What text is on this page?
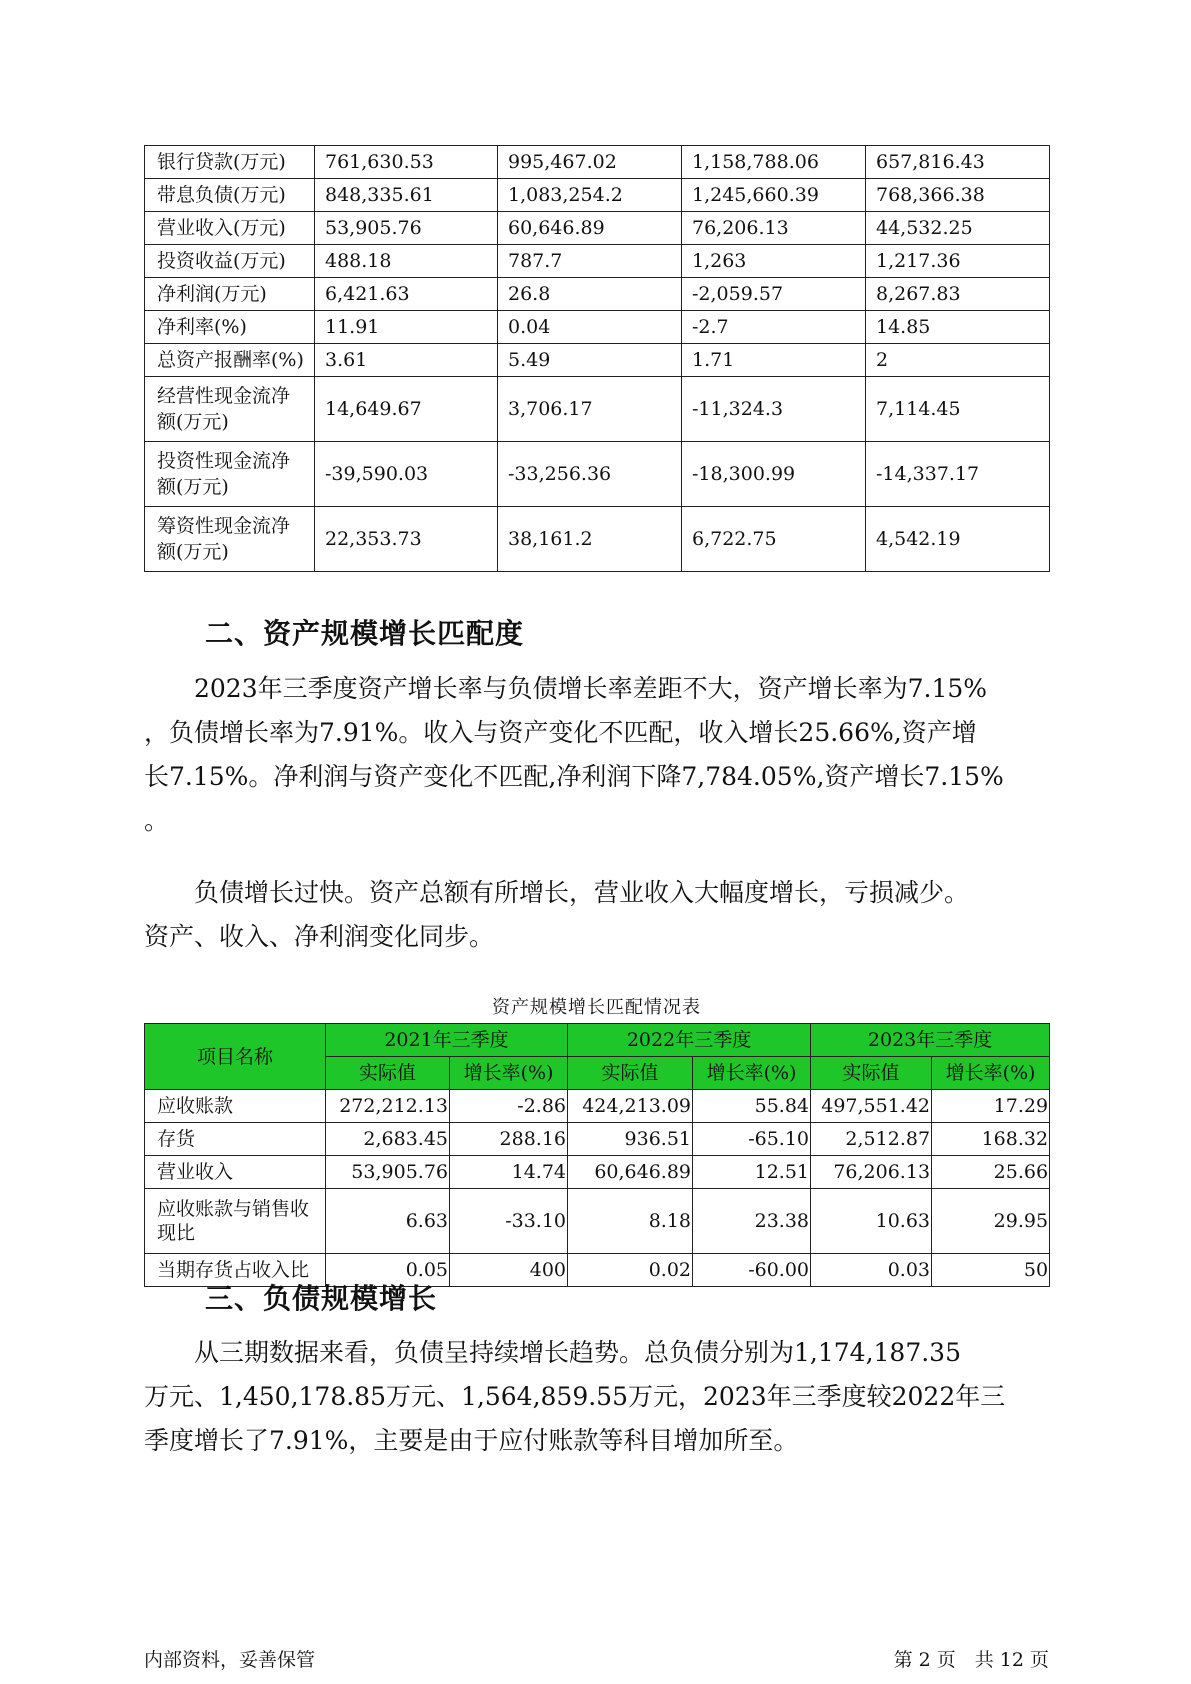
银行贷款(万元)	761,630.53	995,467.02	1,158,788.06	657,816.43
带息负债(万元)	848,335.61	1,083,254.2	1,245,660.39	768,366.38
营业收入(万元)	53,905.76	60,646.89	76,206.13	44,532.25
投资收益(万元)	488.18	787.7	1,263	1,217.36
净利润(万元)	6,421.63	26.8	-2,059.57	8,267.83
净利率(%)	11.91	0.04	-2.7	14.85
总资产报酬率(%)	3.61	5.49	1.71	2
经营性现金流净额(万元)	14,649.67	3,706.17	-11,324.3	7,114.45
投资性现金流净额(万元)	-39,590.03	-33,256.36	-18,300.99	-14,337.17
筹资性现金流净额(万元)	22,353.73	38,161.2	6,722.75	4,542.19
二、资产规模增长匹配度
　　2023年三季度资产增长率与负债增长率差距不大，资产增长率为7.15%
，负债增长率为7.91%。收入与资产变化不匹配，收入增长25.66%,资产增
长7.15%。净利润与资产变化不匹配,净利润下降7,784.05%,资产增长7.15%
。
　　负债增长过快。资产总额有所增长，营业收入大幅度增长，亏损减少。
资产、收入、净利润变化同步。
资产规模增长匹配情况表
项目名称	2021年三季度		2022年三季度		2023年三季度	
	实际值	增长率(%)	实际值	增长率(%)	实际值	增长率(%)
应收账款	272,212.13	-2.86	424,213.09	55.84	497,551.42	17.29
存货	2,683.45	288.16	936.51	-65.10	2,512.87	168.32
营业收入	53,905.76	14.74	60,646.89	12.51	76,206.13	25.66
应收账款与销售收现比	6.63	-33.10	8.18	23.38	10.63	29.95
当期存货占收入比	0.05	400	0.02	-60.00	0.03	50
三、负债规模增长
　　从三期数据来看，负债呈持续增长趋势。总负债分别为1,174,187.35
万元、1,450,178.85万元、1,564,859.55万元，2023年三季度较2022年三
季度增长了7.91%，主要是由于应付账款等科目增加所至。
内部资料，妥善保管	第 2 页　共 12 页
